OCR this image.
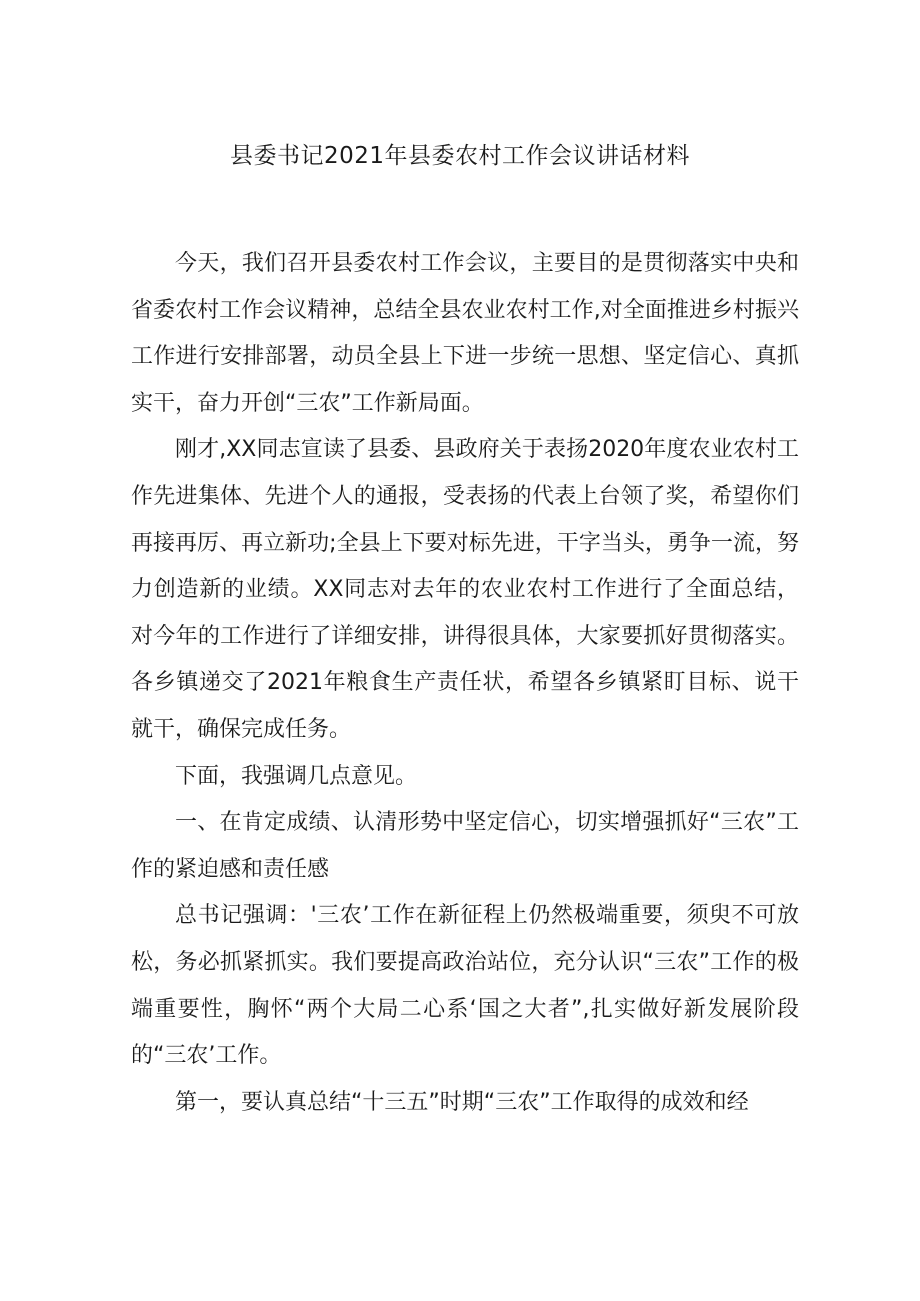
县委书记2021年县委农村工作会议讲话材料

今天，我们召开县委农村工作会议，主要目的是贯彻落实中央和省委农村工作会议精神，总结全县农业农村工作,对全面推进乡村振兴工作进行安排部署，动员全县上下进一步统一思想、坚定信心、真抓实干，奋力开创“三农”工作新局面。

刚才,XX同志宣读了县委、县政府关于表扬2020年度农业农村工作先进集体、先进个人的通报，受表扬的代表上台领了奖，希望你们再接再厉、再立新功;全县上下要对标先进，干字当头，勇争一流，努力创造新的业绩。XX同志对去年的农业农村工作进行了全面总结，对今年的工作进行了详细安排，讲得很具体，大家要抓好贯彻落实。各乡镇递交了2021年粮食生产责任状，希望各乡镇紧盯目标、说干就干，确保完成任务。

下面，我强调几点意见。

一、在肯定成绩、认清形势中坚定信心，切实增强抓好“三农”工作的紧迫感和责任感

总书记强调：'三农’工作在新征程上仍然极端重要，须臾不可放松，务必抓紧抓实。我们要提高政治站位，充分认识“三农”工作的极端重要性，胸怀“两个大局二心系‘国之大者”,扎实做好新发展阶段的“三农’工作。

第一，要认真总结“十三五”时期“三农”工作取得的成效和经
